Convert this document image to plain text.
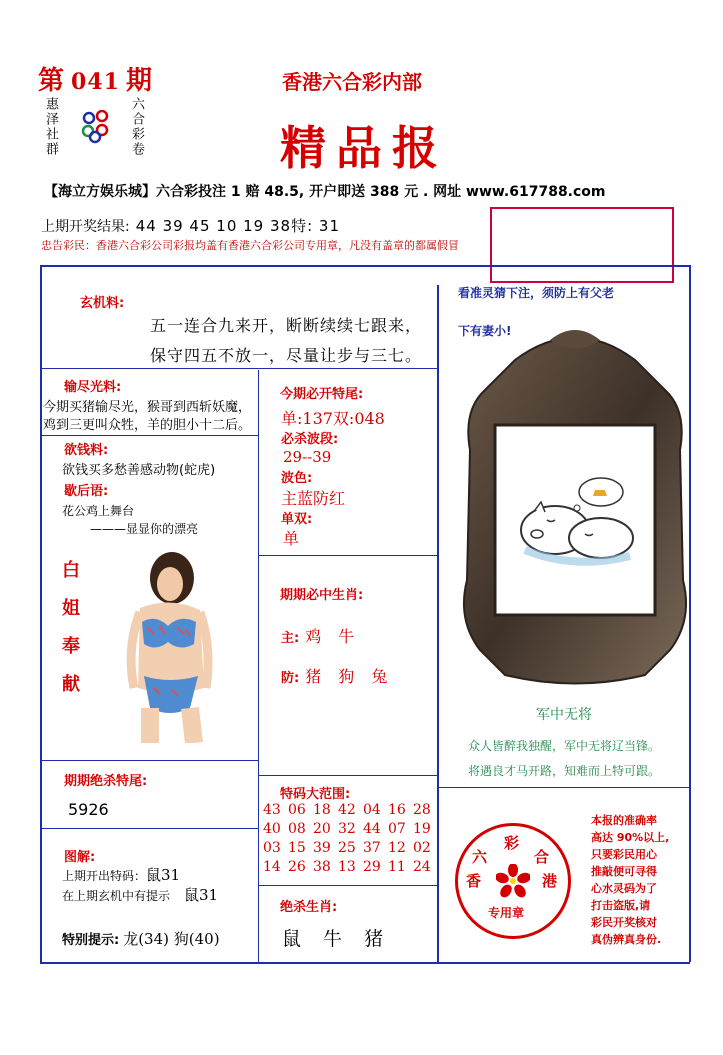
第 041 期
惠泽社群	六合彩卷
香港六合彩内部
精品报
【海立方娱乐城】六合彩投注 1 赔 48.5, 开户即送 388 元 . 网址 www.617788.com
上期开奖结果: 44 39 45 10 19 38特: 31
忠告彩民：香港六合彩公司彩报均盖有香港六合彩公司专用章，凡没有盖章的都属假冒
玄机料:
五一连合九来开，断断续续七跟来，
保守四五不放一，尽量让步与三七。
输尽光料:
今期买猪输尽光，猴哥到西斩妖魔，
鸡到三更叫众牲，羊的胆小十二后。
欲钱料:
欲钱买多愁善感动物(蛇虎)
歇后语:
花公鸡上舞台
———显显你的漂亮
白姐奉献
期期绝杀特尾:
5926
图解:
上期开出特码：鼠31
在上期玄机中有提示 鼠31
特别提示: 龙(34) 狗(40)
今期必开特尾:
单:137双:048
必杀波段:
29--39
波色:
主蓝防红
单双:
单
期期必中生肖:
主: 鸡 牛
防: 猪 狗 兔
特码大范围:
43 06 18 42 04 16 28
40 08 20 32 44 07 19
03 15 39 25 37 12 02
14 26 38 13 29 11 24
绝杀生肖:
鼠 牛 猪
看准灵猜下注，须防上有父老
下有妻小!
军中无将
众人皆醉我独醒，军中无将辽当锋。
将遇良才马开路，知难而上特可跟。
彩
六	合
香	港
专用章
本报的准确率
高达 90%以上,
只要彩民用心
推敲便可寻得
心水灵码为了
打击盗版,请
彩民开奖核对
真伪辨真身份.
